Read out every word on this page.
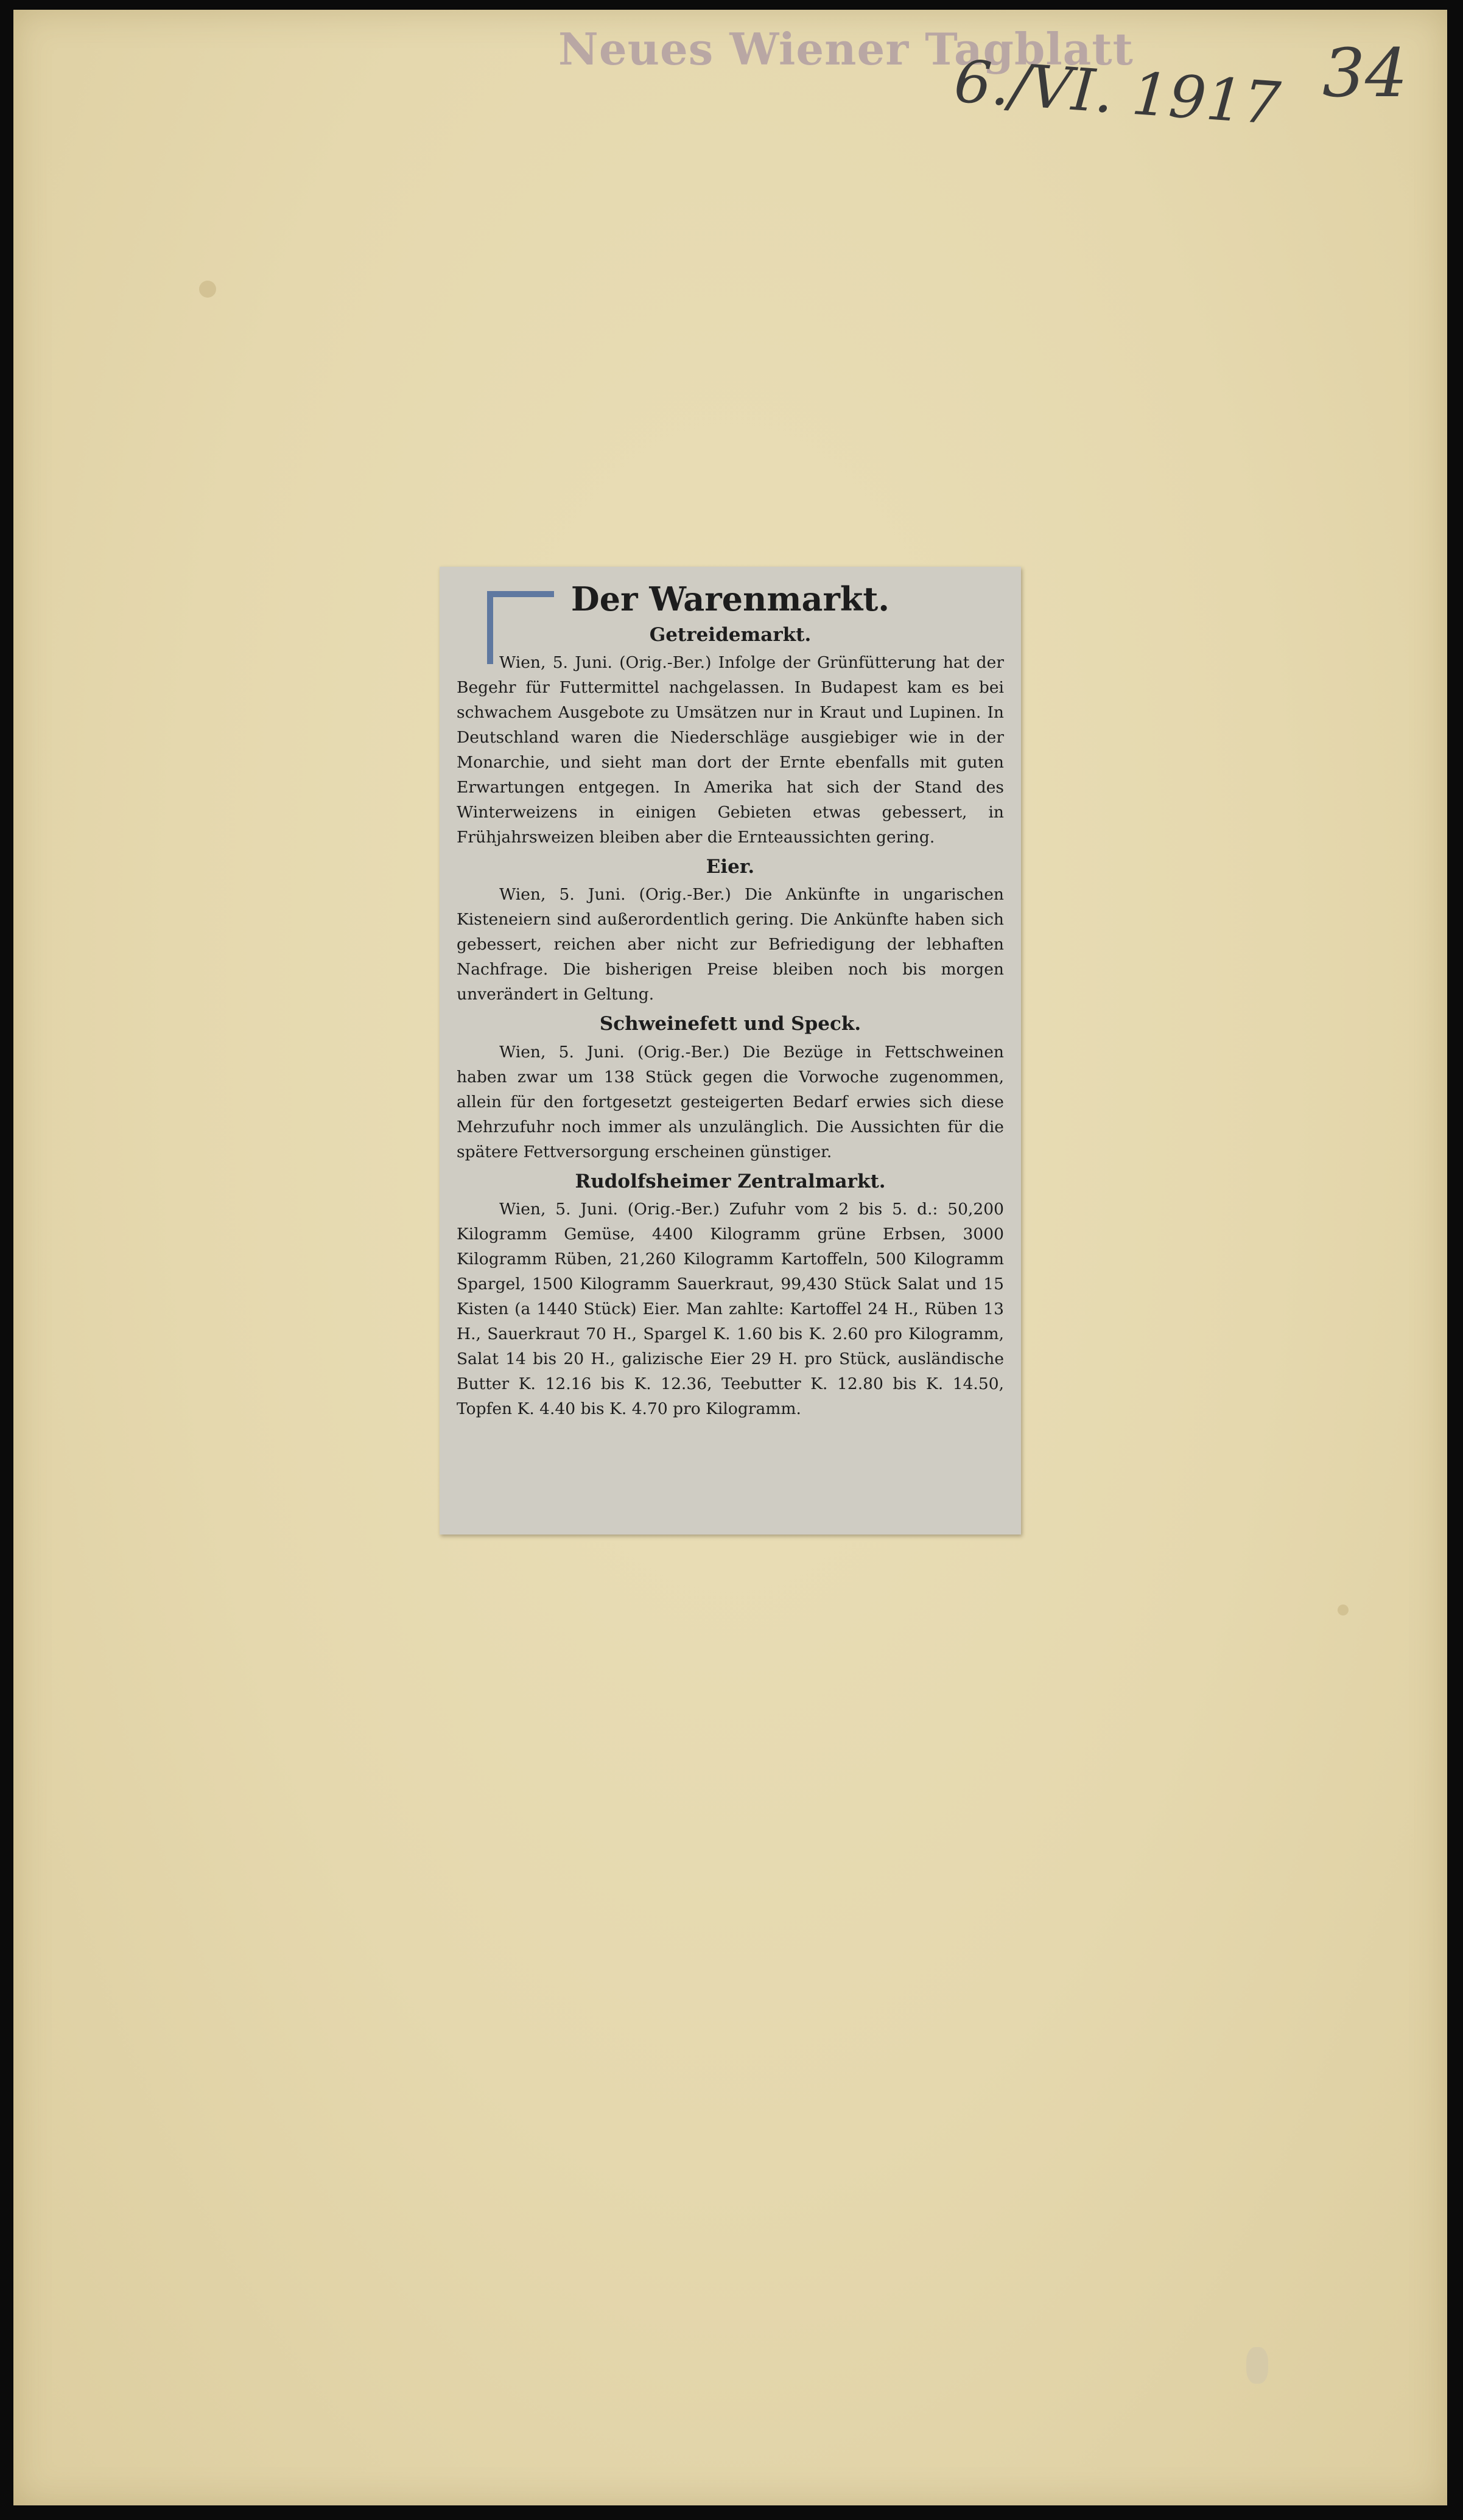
Neues Wiener Tagblatt
6./VI. 1917 34
Der Warenmarkt.
Getreidemarkt.

Wien, 5. Juni. (Orig.-Ber.) Infolge der Grünfütterung hat der Begehr für Futtermittel nachgelassen. In Budapest kam es bei schwachem Ausgebote zu Umsätzen nur in Kraut und Lupinen. In Deutschland waren die Niederschläge ausgiebiger wie in der Monarchie, und sieht man dort der Ernte ebenfalls mit guten Erwartungen entgegen. In Amerika hat sich der Stand des Winterweizens in einigen Gebieten etwas gebessert, in Frühjahrsweizen bleiben aber die Ernteaussichten gering.

Eier.

Wien, 5. Juni. (Orig.-Ber.) Die Ankünfte in ungarischen Kisteneiern sind außerordentlich gering. Die Ankünfte haben sich gebessert, reichen aber nicht zur Befriedigung der lebhaften Nachfrage. Die bisherigen Preise bleiben noch bis morgen unverändert in Geltung.

Schweinefett und Speck.

Wien, 5. Juni. (Orig.-Ber.) Die Bezüge in Fettschweinen haben zwar um 138 Stück gegen die Vorwoche zugenommen, allein für den fortgesetzt gesteigerten Bedarf erwies sich diese Mehrzufuhr noch immer als unzulänglich. Die Aussichten für die spätere Fettversorgung erscheinen günstiger.

Rudolfsheimer Zentralmarkt.

Wien, 5. Juni. (Orig.-Ber.) Zufuhr vom 2 bis 5. d.: 50,200 Kilogramm Gemüse, 4400 Kilogramm grüne Erbsen, 3000 Kilogramm Rüben, 21,260 Kilogramm Kartoffeln, 500 Kilogramm Spargel, 1500 Kilogramm Sauerkraut, 99,430 Stück Salat und 15 Kisten (a 1440 Stück) Eier. Man zahlte: Kartoffel 24 H., Rüben 13 H., Sauerkraut 70 H., Spargel K. 1.60 bis K. 2.60 pro Kilogramm, Salat 14 bis 20 H., galizische Eier 29 H. pro Stück, ausländische Butter K. 12.16 bis K. 12.36, Teebutter K. 12.80 bis K. 14.50, Topfen K. 4.40 bis K. 4.70 pro Kilogramm.
